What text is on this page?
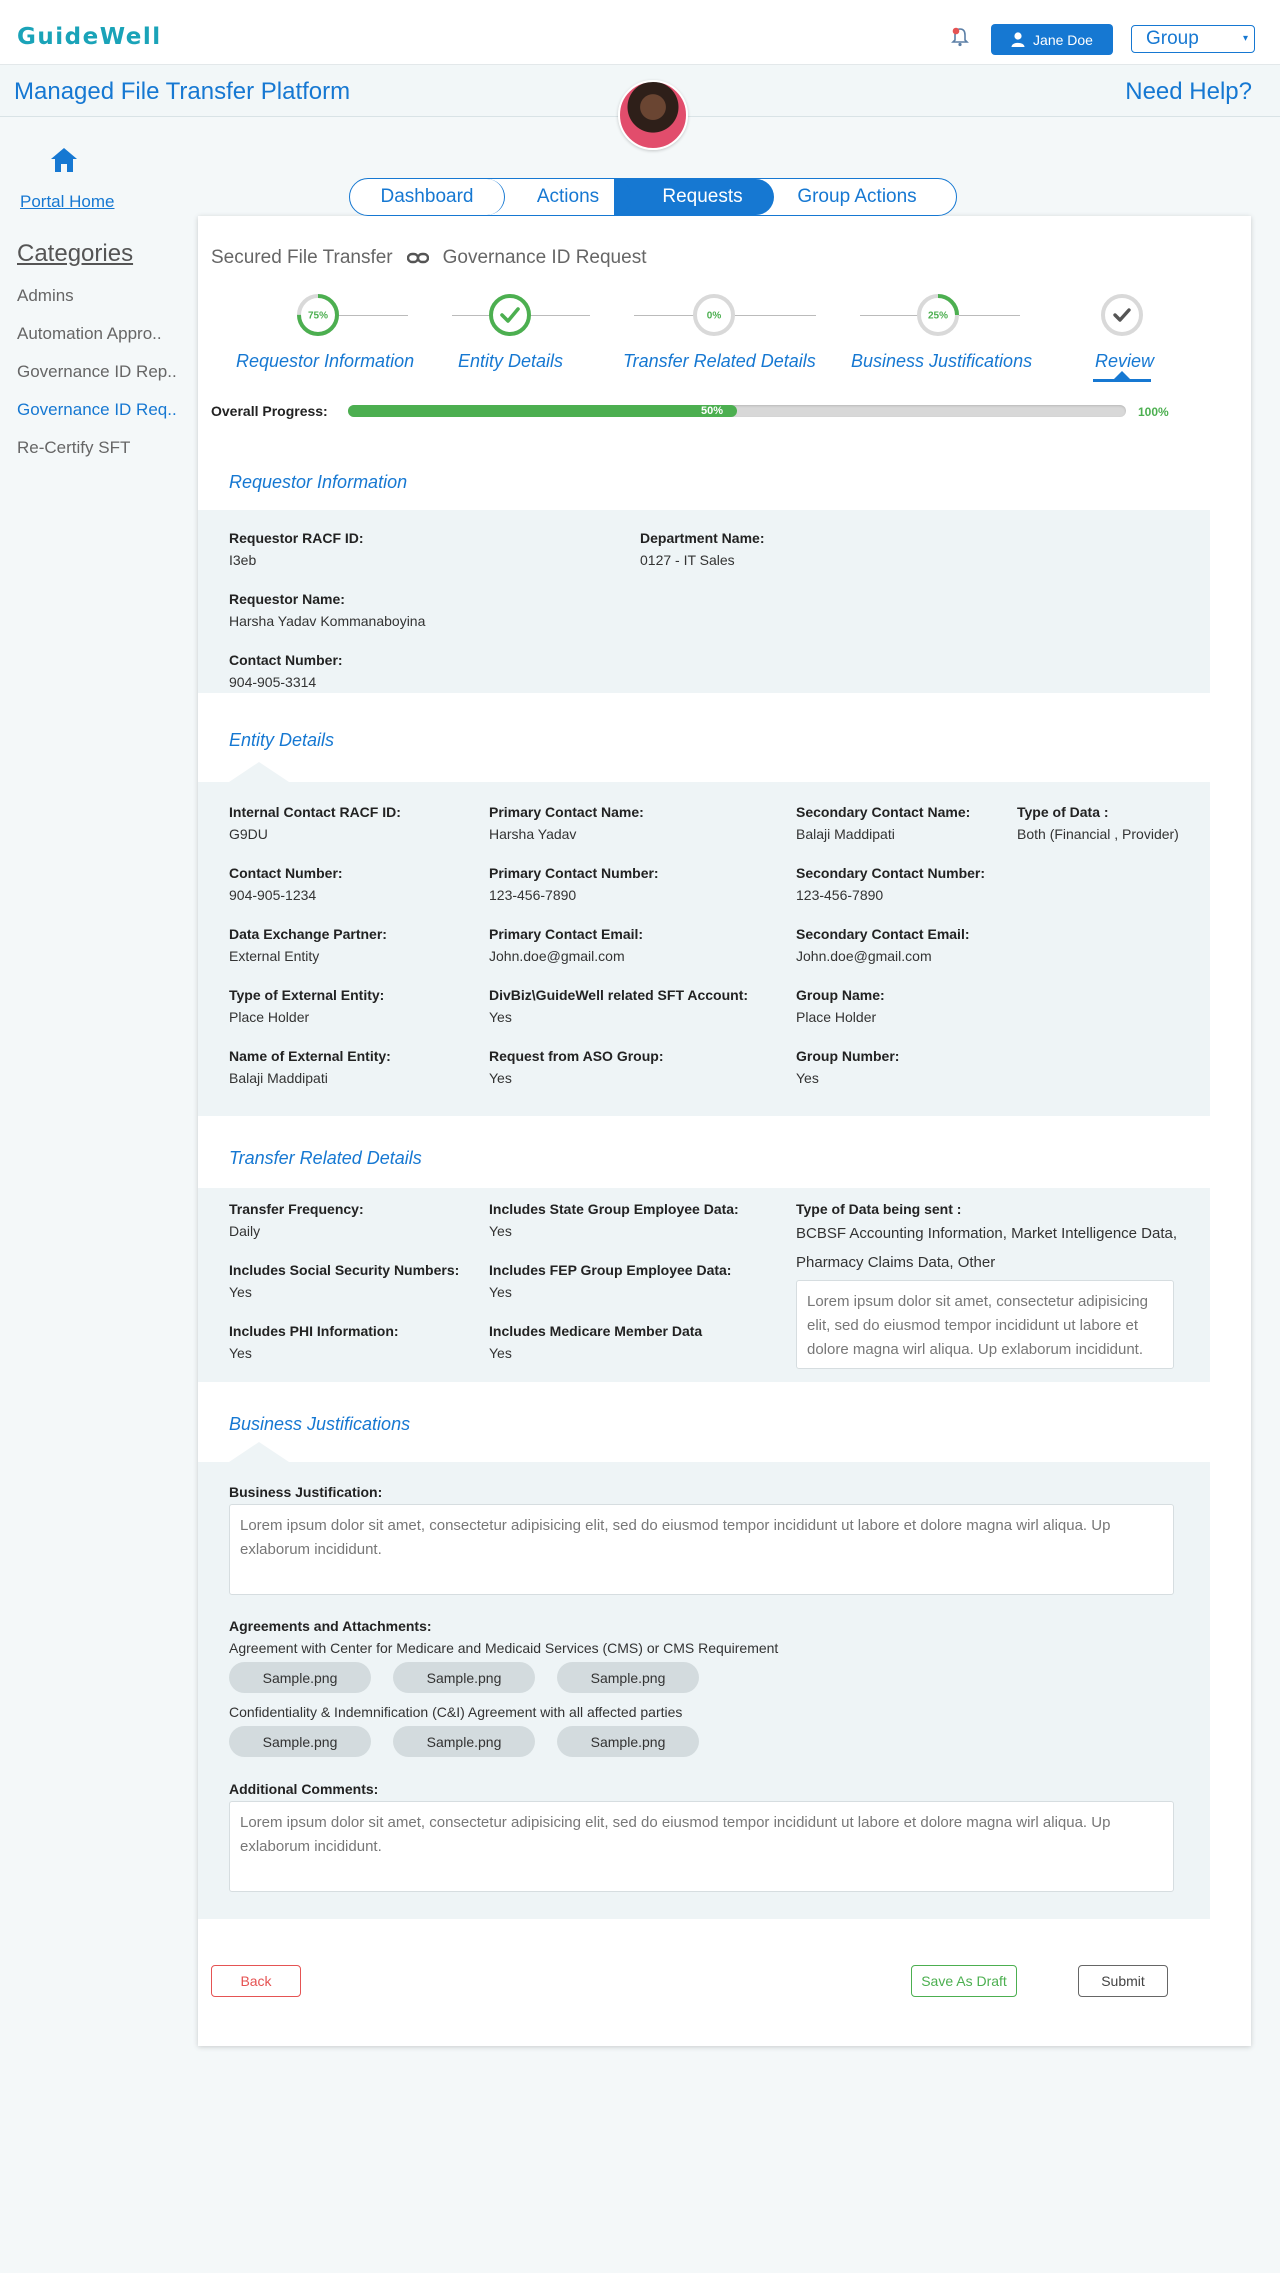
GuideWell	Jane Doe	Group	▾
Managed File Transfer Platform	Need Help?
Portal Home
Categories
Admins
Automation Appro..
Governance ID Rep..
Governance ID Req..
Re-Certify SFT
Secured File Transfer	Governance ID Request
75%	0%	25%
Requestor Information Entity Details	Transfer Related Details Business Justifications	Review
Overall Progress:	50%	100%
Requestor Information
Requestor RACF ID:
I3eb
Department Name:
0127 - IT Sales
Requestor Name:
Harsha Yadav Kommanaboyina
Contact Number:
904-905-3314
Entity Details
Internal Contact RACF ID:
G9DU
Contact Number:
904-905-1234
Data Exchange Partner:
External Entity
Type of External Entity:
Place Holder
Name of External Entity:
Balaji Maddipati
Primary Contact Name:
Harsha Yadav
Primary Contact Number:
123-456-7890
Primary Contact Email:
John.doe@gmail.com
DivBiz\GuideWell related SFT Account:
Yes
Request from ASO Group:
Yes
Secondary Contact Name:
Balaji Maddipati
Secondary Contact Number:
123-456-7890
Secondary Contact Email:
John.doe@gmail.com
Group Name:
Place Holder
Group Number:
Yes
Type of Data :
Both (Financial , Provider)
Transfer Related Details
Transfer Frequency:
Daily
Includes Social Security Numbers:
Yes
Includes PHI Information:
Yes
Includes State Group Employee Data:
Yes
Includes FEP Group Employee Data:
Yes
Includes Medicare Member Data
Yes
Type of Data being sent :
BCBSF Accounting Information, Market Intelligence Data, Pharmacy Claims Data, Other
Lorem ipsum dolor sit amet, consectetur adipisicing elit, sed do eiusmod tempor incididunt ut labore et dolore magna wirl aliqua. Up exlaborum incididunt.
Business Justifications
Business Justification:
Lorem ipsum dolor sit amet, consectetur adipisicing elit, sed do eiusmod tempor incididunt ut labore et dolore magna wirl aliqua. Up exlaborum incididunt.
Agreements and Attachments:
Agreement with Center for Medicare and Medicaid Services (CMS) or CMS Requirement
Sample.png	Sample.png	Sample.png
Confidentiality & Indemnification (C&I) Agreement with all affected parties
Sample.png	Sample.png	Sample.png
Additional Comments:
Lorem ipsum dolor sit amet, consectetur adipisicing elit, sed do eiusmod tempor incididunt ut labore et dolore magna wirl aliqua. Up exlaborum incididunt.
Back	Save As Draft	Submit
Dashboard	Actions	Requests	Group Actions
